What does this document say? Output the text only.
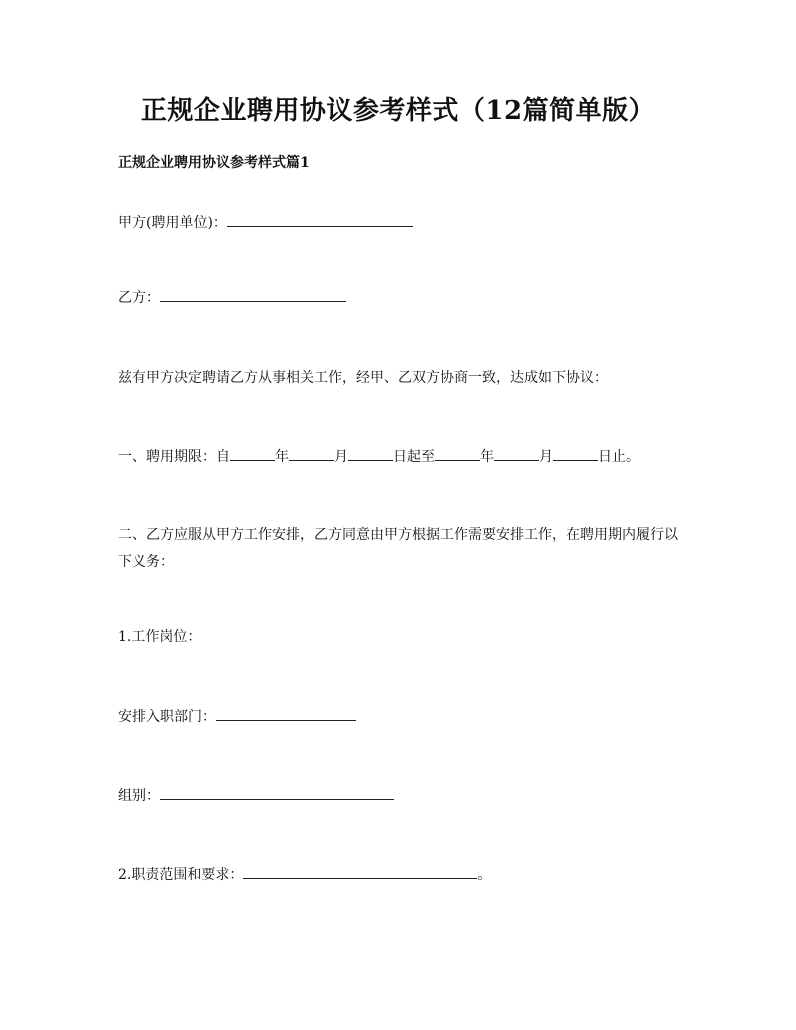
正规企业聘用协议参考样式（12篇简单版）
正规企业聘用协议参考样式篇1
甲方(聘用单位)：
乙方：
兹有甲方决定聘请乙方从事相关工作，经甲、乙双方协商一致，达成如下协议：
一、聘用期限：自	年	月	日起至	年	月	日止。
二、乙方应服从甲方工作安排，乙方同意由甲方根据工作需要安排工作，在聘用期内履行以下义务：
1.工作岗位：
安排入职部门：
组别：
2.职责范围和要求：	。
